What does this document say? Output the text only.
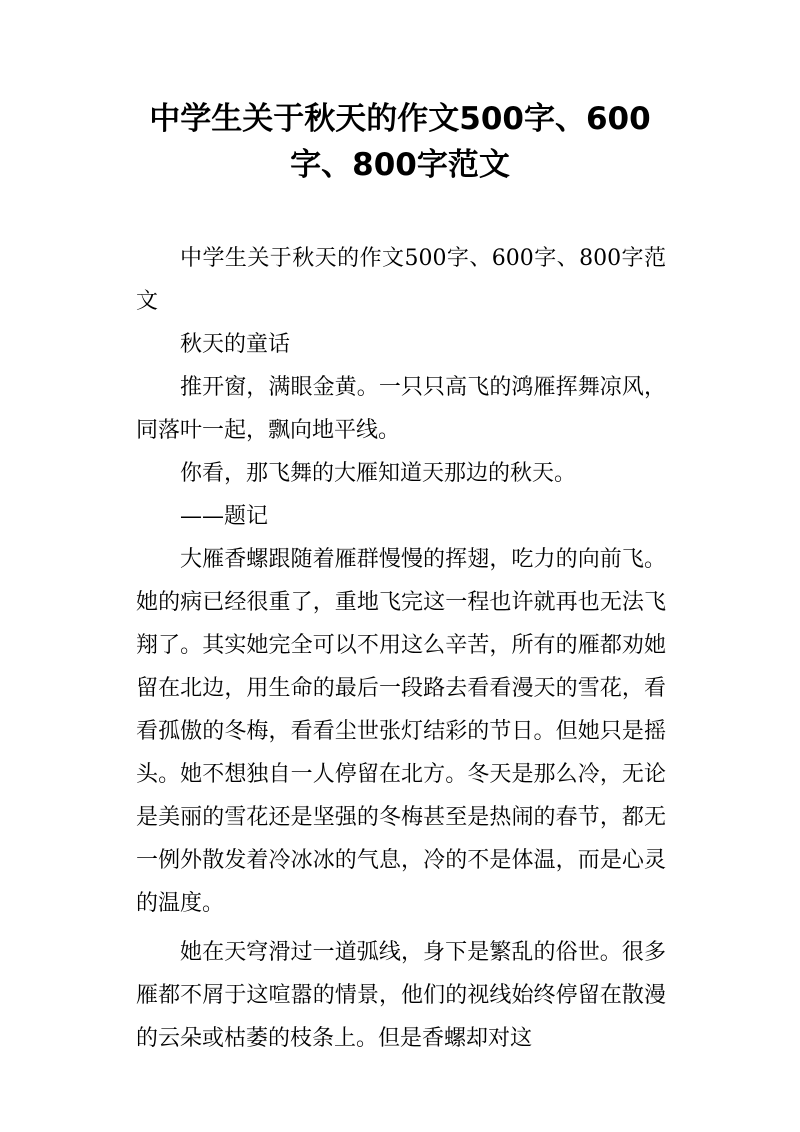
中学生关于秋天的作文500字、600
字、800字范文

中学生关于秋天的作文500字、600字、800字范文

秋天的童话

推开窗，满眼金黄。一只只高飞的鸿雁挥舞凉风，同落叶一起，飘向地平线。

你看，那飞舞的大雁知道天那边的秋天。

——题记

大雁香螺跟随着雁群慢慢的挥翅，吃力的向前飞。她的病已经很重了，重地飞完这一程也许就再也无法飞翔了。其实她完全可以不用这么辛苦，所有的雁都劝她留在北边，用生命的最后一段路去看看漫天的雪花，看看孤傲的冬梅，看看尘世张灯结彩的节日。但她只是摇头。她不想独自一人停留在北方。冬天是那么冷，无论是美丽的雪花还是坚强的冬梅甚至是热闹的春节，都无一例外散发着冷冰冰的气息，冷的不是体温，而是心灵的温度。

她在天穹滑过一道弧线，身下是繁乱的俗世。很多雁都不屑于这喧嚣的情景，他们的视线始终停留在散漫的云朵或枯萎的枝条上。但是香螺却对这
